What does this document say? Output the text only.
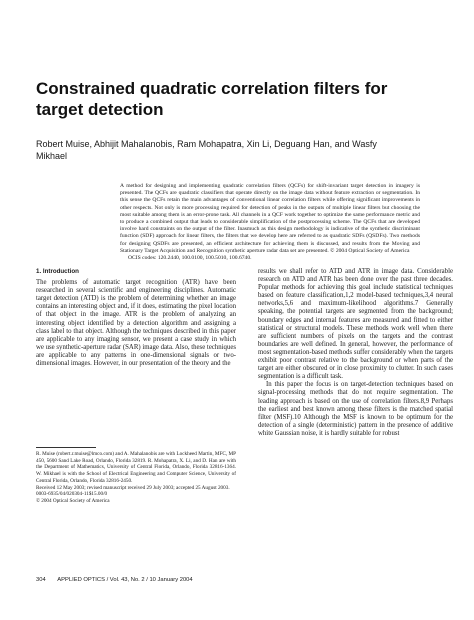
Constrained quadratic correlation filters for target detection
Robert Muise, Abhijit Mahalanobis, Ram Mohapatra, Xin Li, Deguang Han, and Wasfy Mikhael
A method for designing and implementing quadratic correlation filters (QCFs) for shift-invariant target detection in imagery is presented. The QCFs are quadratic classifiers that operate directly on the image data without feature extraction or segmentation. In this sense the QCFs retain the main advantages of conventional linear correlation filters while offering significant improvements in other respects. Not only is more processing required for detection of peaks in the outputs of multiple linear filters but choosing the most suitable among them is an error-prone task. All channels in a QCF work together to optimize the same performance metric and to produce a combined output that leads to considerable simplification of the postprocessing scheme. The QCFs that are developed involve hard constraints on the output of the filter. Inasmuch as this design methodology is indicative of the synthetic discriminant function (SDF) approach for linear filters, the filters that we develop here are referred to as quadratic SDFs (QSDFs). Two methods for designing QSDFs are presented, an efficient architecture for achieving them is discussed, and results from the Moving and Stationary Target Acquisition and Recognition synthetic aperture radar data set are presented. © 2004 Optical Society of America
OCIS codes: 120.2440, 100.0100, 100.5010, 100.6740.
1. Introduction

The problems of automatic target recognition (ATR) have been researched in several scientific and engineering disciplines. Automatic target detection (ATD) is the problem of determining whether an image contains an interesting object and, if it does, estimating the pixel location of that object in the image. ATR is the problem of analyzing an interesting object identified by a detection algorithm and assigning a class label to that object. Although the techniques described in this paper are applicable to any imaging sensor, we present a case study in which we use synthetic-aperture radar (SAR) image data. Also, these techniques are applicable to any patterns in one-dimensional signals or two-dimensional images. However, in our presentation of the theory and the

R. Muise (robert.r.muise@lmco.com) and A. Mahalanobis are with Lockheed Martin, MFC, MP 450, 5600 Sand Lake Road, Orlando, Florida 32819. R. Mohapatra, X. Li, and D. Han are with the Department of Mathematics, University of Central Florida, Orlando, Florida 32816-1364. W. Mikhael is with the School of Electrical Engineering and Computer Science, University of Central Florida, Orlando, Florida 32816-2450.

Received 12 May 2003; revised manuscript received 29 July 2003; accepted 25 August 2003.

0003-6935/04/020304-11$15.00/0

© 2004 Optical Society of America

results we shall refer to ATD and ATR in image data. Considerable research on ATD and ATR has been done over the past three decades. Popular methods for achieving this goal include statistical techniques based on feature classification,1,2 model-based techniques,3,4 neural networks,5,6 and maximum-likelihood algorithms.7 Generally speaking, the potential targets are segmented from the background; boundary edges and internal features are measured and fitted to either statistical or structural models. These methods work well when there are sufficient numbers of pixels on the targets and the contrast boundaries are well defined. In general, however, the performance of most segmentation-based methods suffer considerably when the targets exhibit poor contrast relative to the background or when parts of the target are either obscured or in close proximity to clutter. In such cases segmentation is a difficult task.

In this paper the focus is on target-detection techniques based on signal-processing methods that do not require segmentation. The leading approach is based on the use of correlation filters.8,9 Perhaps the earliest and best known among these filters is the matched spatial filter (MSF).10 Although the MSF is known to be optimum for the detection of a single (deterministic) pattern in the presence of additive white Gaussian noise, it is hardly suitable for robust

304 APPLIED OPTICS / Vol. 43, No. 2 / 10 January 2004
